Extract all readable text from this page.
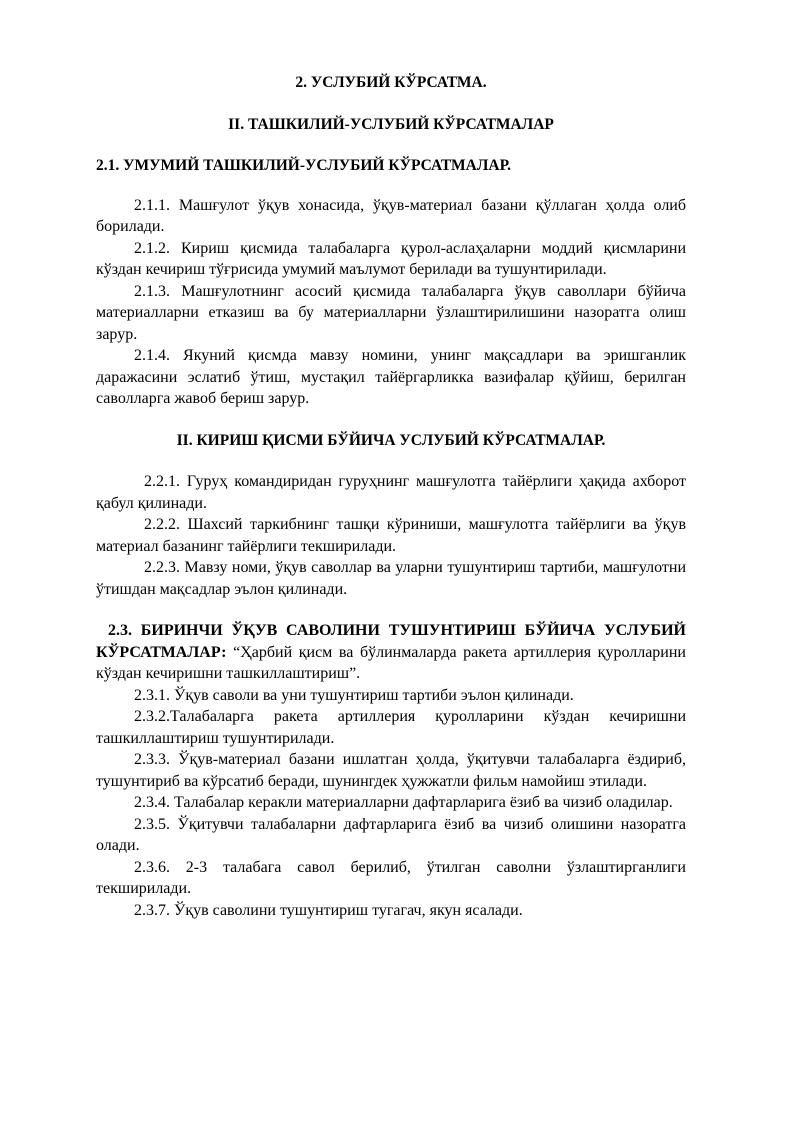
2. УСЛУБИЙ КЎРСАТМА.

II. ТАШКИЛИЙ-УСЛУБИЙ КЎРСАТМАЛАР

2.1. УМУМИЙ ТАШКИЛИЙ-УСЛУБИЙ КЎРСАТМАЛАР.

2.1.1. Машғулот ўқув хонасида, ўқув-материал базани қўллаган ҳолда олиб борилади.

2.1.2. Кириш қисмида талабаларга қурол-аслаҳаларни моддий қисмларини кўздан кечириш тўғрисида умумий маълумот берилади ва тушунтирилади.

2.1.3. Машғулотнинг асосий қисмида талабаларга ўқув саволлари бўйича материалларни етказиш ва бу материалларни ўзлаштирилишини назоратга олиш зарур.

2.1.4. Якуний қисмда мавзу номини, унинг мақсадлари ва эришганлик даражасини эслатиб ўтиш, мустақил тайёргарликка вазифалар қўйиш, берилган саволларга жавоб бериш зарур.

II. КИРИШ ҚИСМИ БЎЙИЧА УСЛУБИЙ КЎРСАТМАЛАР.

2.2.1. Гуруҳ командиридан гуруҳнинг машғулотга тайёрлиги ҳақида ахборот қабул қилинади.

2.2.2. Шахсий таркибнинг ташқи кўриниши, машғулотга тайёрлиги ва ўқув материал базанинг тайёрлиги текширилади.

2.2.3. Мавзу номи, ўқув саволлар ва уларни тушунтириш тартиби, машғулотни ўтишдан мақсадлар эълон қилинади.

2.3. БИРИНЧИ ЎҚУВ САВОЛИНИ ТУШУНТИРИШ БЎЙИЧА УСЛУБИЙ КЎРСАТМАЛАР: “Ҳарбий қисм ва бўлинмаларда ракета артиллерия қуролларини кўздан кечиришни ташкиллаштириш”.

2.3.1. Ўқув саволи ва уни тушунтириш тартиби эълон қилинади.

2.3.2.Талабаларга ракета артиллерия қуролларини кўздан кечиришни ташкиллаштириш тушунтирилади.

2.3.3. Ўқув-материал базани ишлатган ҳолда, ўқитувчи талабаларга ёздириб, тушунтириб ва кўрсатиб беради, шунингдек ҳужжатли фильм намойиш этилади.

2.3.4. Талабалар керакли материалларни дафтарларига ёзиб ва чизиб оладилар.

2.3.5. Ўқитувчи талабаларни дафтарларига ёзиб ва чизиб олишини назоратга олади.

2.3.6. 2-3 талабага савол берилиб, ўтилган саволни ўзлаштирганлиги текширилади.

2.3.7. Ўқув саволини тушунтириш тугагач, якун ясалади.
